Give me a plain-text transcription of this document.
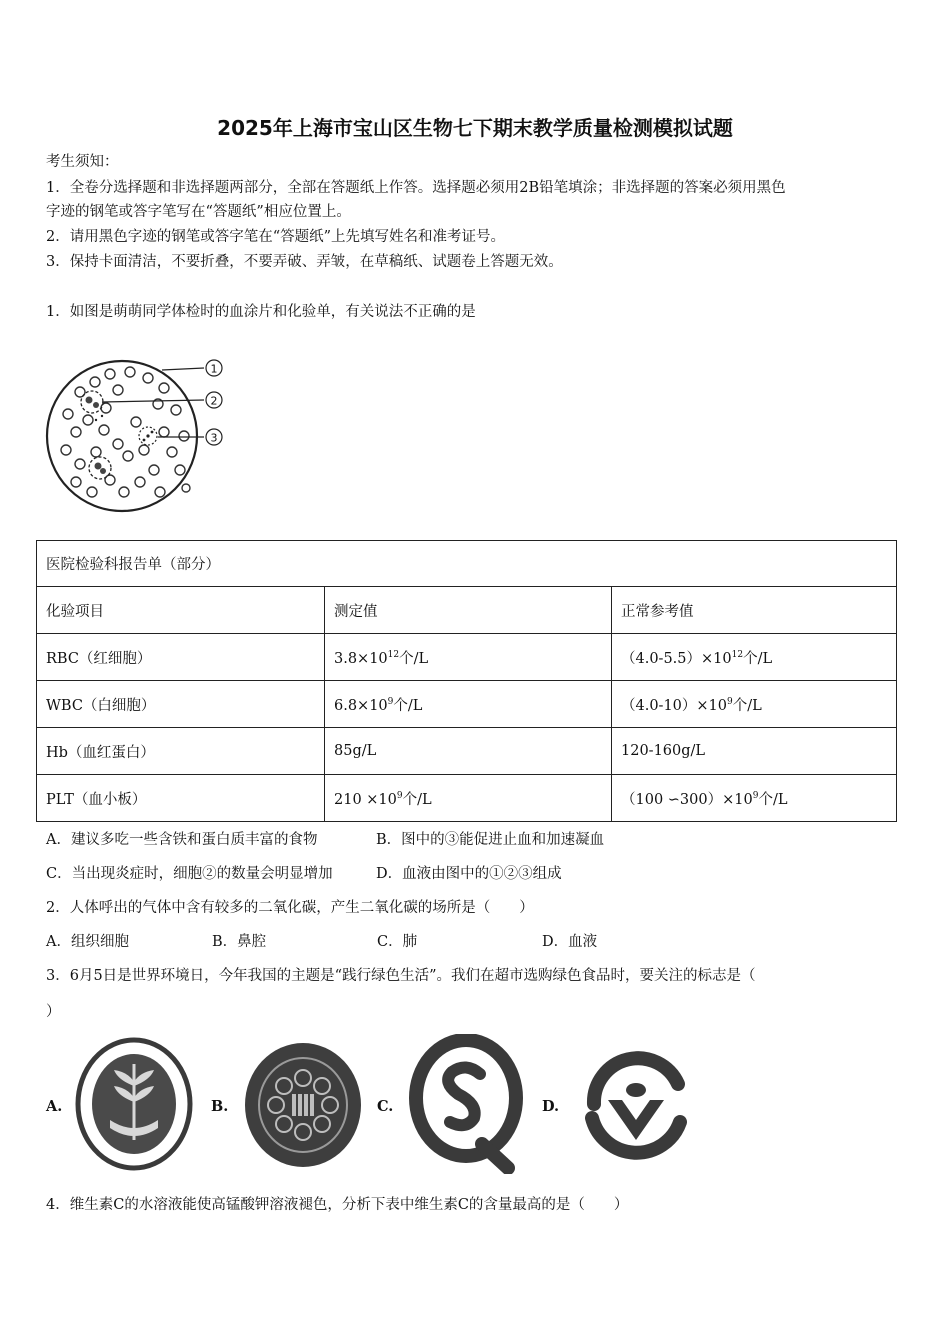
2025年上海市宝山区生物七下期末教学质量检测模拟试题
考生须知：
1．全卷分选择题和非选择题两部分，全部在答题纸上作答。选择题必须用2B铅笔填涂；非选择题的答案必须用黑色
字迹的钢笔或答字笔写在“答题纸”相应位置上。
2．请用黑色字迹的钢笔或答字笔在“答题纸”上先填写姓名和准考证号。
3．保持卡面清洁，不要折叠，不要弄破、弄皱，在草稿纸、试题卷上答题无效。
1．如图是萌萌同学体检时的血涂片和化验单，有关说法不正确的是
1
2
3
医院检验科报告单（部分）		
化验项目	测定值	正常参考值
RBC（红细胞）	$3.8\times 10^{12}$个/L	$(4.0-5.5)\times 10^{12}$个/L
WBC（白细胞）	$6.8\times 10^9$个/L	$(4.0-10)\times 10^9$个/L
Hb（血红蛋白）	85g/L	120-160g/L
PLT（血小板）	$210 \times 10^9$个/L	（100 $∽300)\times 10^9$个/L
A．建议多吃一些含铁和蛋白质丰富的食物	B．图中的③能促进止血和加速凝血
C．当出现炎症时，细胞②的数量会明显增加	D．血液由图中的①②③组成
2．人体呼出的气体中含有较多的二氧化碳，产生二氧化碳的场所是（　　）
A．组织细胞	B．鼻腔	C．肺	D．血液
3．6月5日是世界环境日，今年我国的主题是“践行绿色生活”。我们在超市选购绿色食品时，要关注的标志是（
）
A.	B.	C.	D.
4．维生素C的水溶液能使高锰酸钾溶液褪色，分析下表中维生素C的含量最高的是（　　）
